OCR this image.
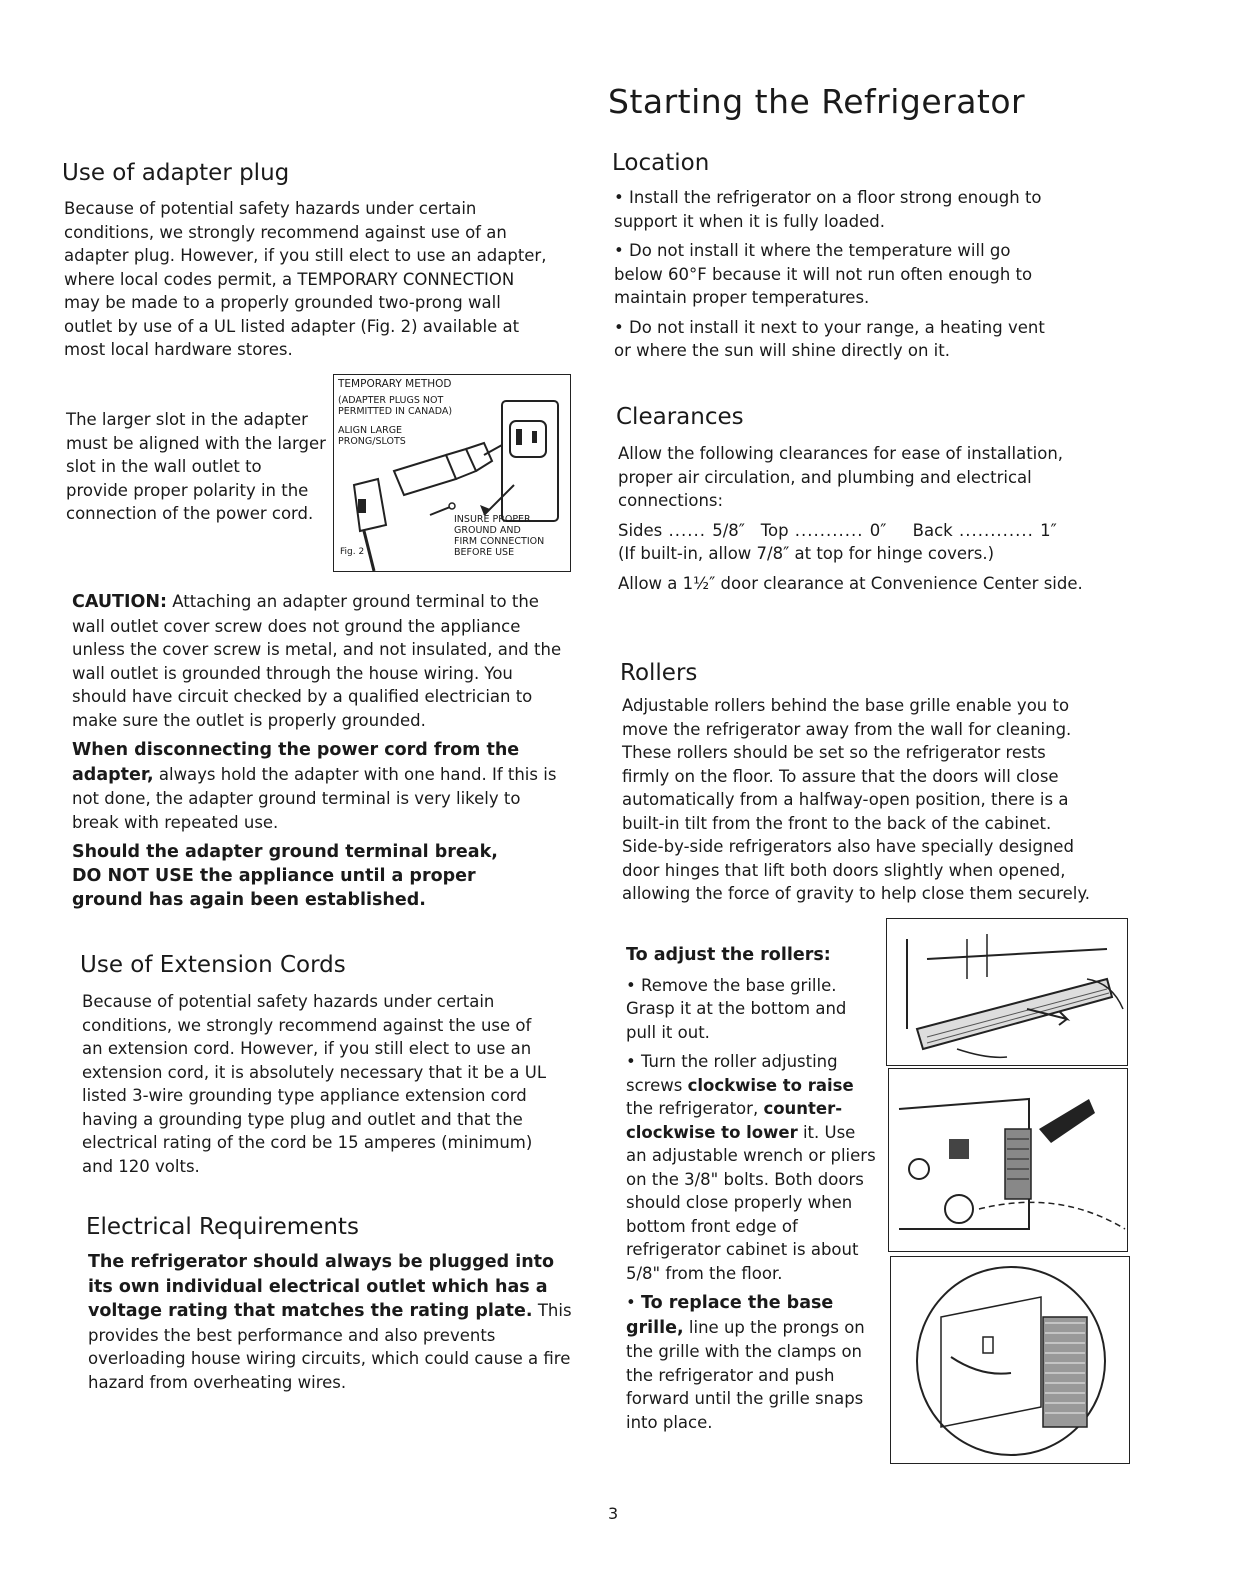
Starting the Refrigerator
Use of adapter plug

Because of potential safety hazards under certain conditions, we strongly recommend against use of an adapter plug. However, if you still elect to use an adapter, where local codes permit, a TEMPORARY CONNECTION may be made to a properly grounded two-prong wall outlet by use of a UL listed adapter (Fig. 2) available at most local hardware stores.

The larger slot in the adapter must be aligned with the larger slot in the wall outlet to provide proper polarity in the connection of the power cord.

TEMPORARY METHOD
(ADAPTER PLUGS NOT
PERMITTED IN CANADA)
ALIGN LARGE
PRONG/SLOTS
INSURE PROPER
GROUND AND
FIRM CONNECTION
BEFORE USE
Fig. 2

CAUTION: Attaching an adapter ground terminal to the wall outlet cover screw does not ground the appliance unless the cover screw is metal, and not insulated, and the wall outlet is grounded through the house wiring. You should have circuit checked by a qualified electrician to make sure the outlet is properly grounded.

When disconnecting the power cord from the adapter, always hold the adapter with one hand. If this is not done, the adapter ground terminal is very likely to break with repeated use.

Should the adapter ground terminal break, DO NOT USE the appliance until a proper ground has again been established.

Use of Extension Cords

Because of potential safety hazards under certain conditions, we strongly recommend against the use of an extension cord. However, if you still elect to use an extension cord, it is absolutely necessary that it be a UL listed 3-wire grounding type appliance extension cord having a grounding type plug and outlet and that the electrical rating of the cord be 15 amperes (minimum) and 120 volts.

Electrical Requirements

The refrigerator should always be plugged into its own individual electrical outlet which has a voltage rating that matches the rating plate. This provides the best performance and also prevents overloading house wiring circuits, which could cause a fire hazard from overheating wires.

Location

• Install the refrigerator on a floor strong enough to support it when it is fully loaded.

• Do not install it where the temperature will go below 60°F because it will not run often enough to maintain proper temperatures.

• Do not install it next to your range, a heating vent or where the sun will shine directly on it.

Clearances

Allow the following clearances for ease of installation, proper air circulation, and plumbing and electrical connections:

Sides ...... 5/8″ Top ........... 0″ Back ............ 1″

(If built-in, allow 7/8″ at top for hinge covers.)

Allow a 1½″ door clearance at Convenience Center side.

Rollers

Adjustable rollers behind the base grille enable you to move the refrigerator away from the wall for cleaning. These rollers should be set so the refrigerator rests firmly on the floor. To assure that the doors will close automatically from a halfway-open position, there is a built-in tilt from the front to the back of the cabinet. Side-by-side refrigerators also have specially designed door hinges that lift both doors slightly when opened, allowing the force of gravity to help close them securely.

To adjust the rollers:

• Remove the base grille. Grasp it at the bottom and pull it out.

• Turn the roller adjusting screws clockwise to raise the refrigerator, counter-clockwise to lower it. Use an adjustable wrench or pliers on the 3/8" bolts. Both doors should close properly when bottom front edge of refrigerator cabinet is about 5/8" from the floor.

• To replace the base grille, line up the prongs on the grille with the clamps on the refrigerator and push forward until the grille snaps into place.

3
